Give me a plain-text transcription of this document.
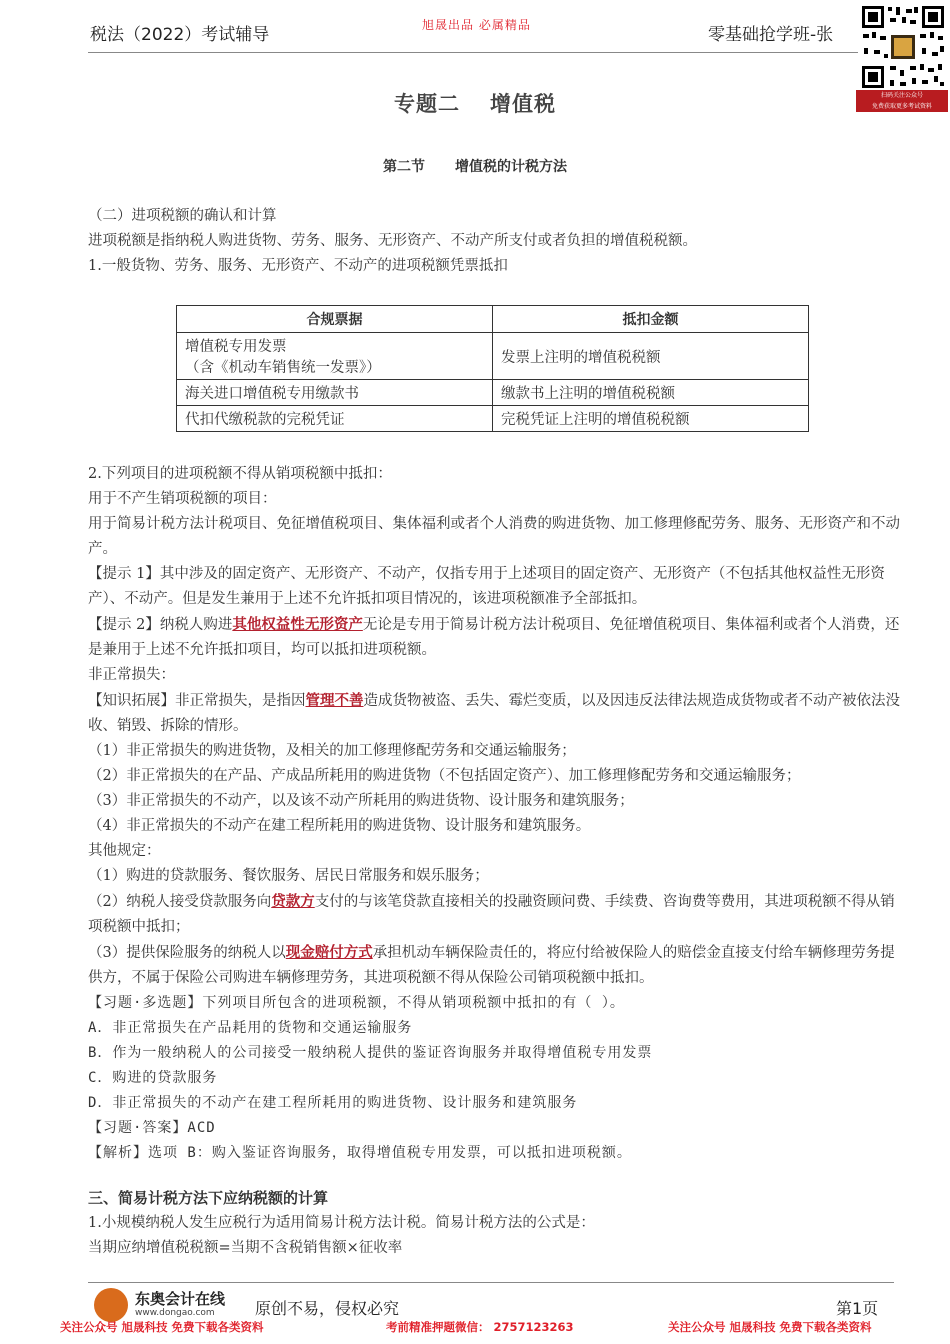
税法（2022）考试辅导	旭晟出品 必属精品	零基础抢学班-张
扫码关注公众号
免费获取更多考试资料
专题二 增值税
第二节 增值税的计税方法

（二）进项税额的确认和计算

进项税额是指纳税人购进货物、劳务、服务、无形资产、不动产所支付或者负担的增值税税额。

1.一般货物、劳务、服务、无形资产、不动产的进项税额凭票抵扣

合规票据	抵扣金额

增值税专用发票
（含《机动车销售统一发票》）	发票上注明的增值税税额
海关进口增值税专用缴款书	缴款书上注明的增值税税额
代扣代缴税款的完税凭证	完税凭证上注明的增值税税额

2.下列项目的进项税额不得从销项税额中抵扣：

用于不产生销项税额的项目：

用于简易计税方法计税项目、免征增值税项目、集体福利或者个人消费的购进货物、加工修理修配劳务、服务、无形资产和不动产。

【提示 1】其中涉及的固定资产、无形资产、不动产，仅指专用于上述项目的固定资产、无形资产（不包括其他权益性无形资产）、不动产。但是发生兼用于上述不允许抵扣项目情况的，该进项税额准予全部抵扣。

【提示 2】纳税人购进其他权益性无形资产无论是专用于简易计税方法计税项目、免征增值税项目、集体福利或者个人消费，还是兼用于上述不允许抵扣项目，均可以抵扣进项税额。

非正常损失：

【知识拓展】非正常损失，是指因管理不善造成货物被盗、丢失、霉烂变质，以及因违反法律法规造成货物或者不动产被依法没收、销毁、拆除的情形。

（1）非正常损失的购进货物，及相关的加工修理修配劳务和交通运输服务；

（2）非正常损失的在产品、产成品所耗用的购进货物（不包括固定资产）、加工修理修配劳务和交通运输服务；

（3）非正常损失的不动产，以及该不动产所耗用的购进货物、设计服务和建筑服务；

（4）非正常损失的不动产在建工程所耗用的购进货物、设计服务和建筑服务。

其他规定：

（1）购进的贷款服务、餐饮服务、居民日常服务和娱乐服务；

（2）纳税人接受贷款服务向贷款方支付的与该笔贷款直接相关的投融资顾问费、手续费、咨询费等费用，其进项税额不得从销项税额中抵扣；

（3）提供保险服务的纳税人以现金赔付方式承担机动车辆保险责任的，将应付给被保险人的赔偿金直接支付给车辆修理劳务提供方，不属于保险公司购进车辆修理劳务，其进项税额不得从保险公司销项税额中抵扣。

【习题·多选题】下列项目所包含的进项税额，不得从销项税额中抵扣的有（ ）。

A．非正常损失在产品耗用的货物和交通运输服务

B．作为一般纳税人的公司接受一般纳税人提供的鉴证咨询服务并取得增值税专用发票

C．购进的贷款服务

D．非正常损失的不动产在建工程所耗用的购进货物、设计服务和建筑服务

【习题·答案】ACD

【解析】选项 B：购入鉴证咨询服务，取得增值税专用发票，可以抵扣进项税额。

三、简易计税方法下应纳税额的计算

1.小规模纳税人发生应税行为适用简易计税方法计税。简易计税方法的公式是：

当期应纳增值税税额=当期不含税销售额×征收率

东奥会计在线
www.dongao.com	原创不易，侵权必究	第1页
关注公众号 旭晟科技 免费下载各类资料	考前精准押题微信： 2757123263	关注公众号 旭晟科技 免费下载各类资料
